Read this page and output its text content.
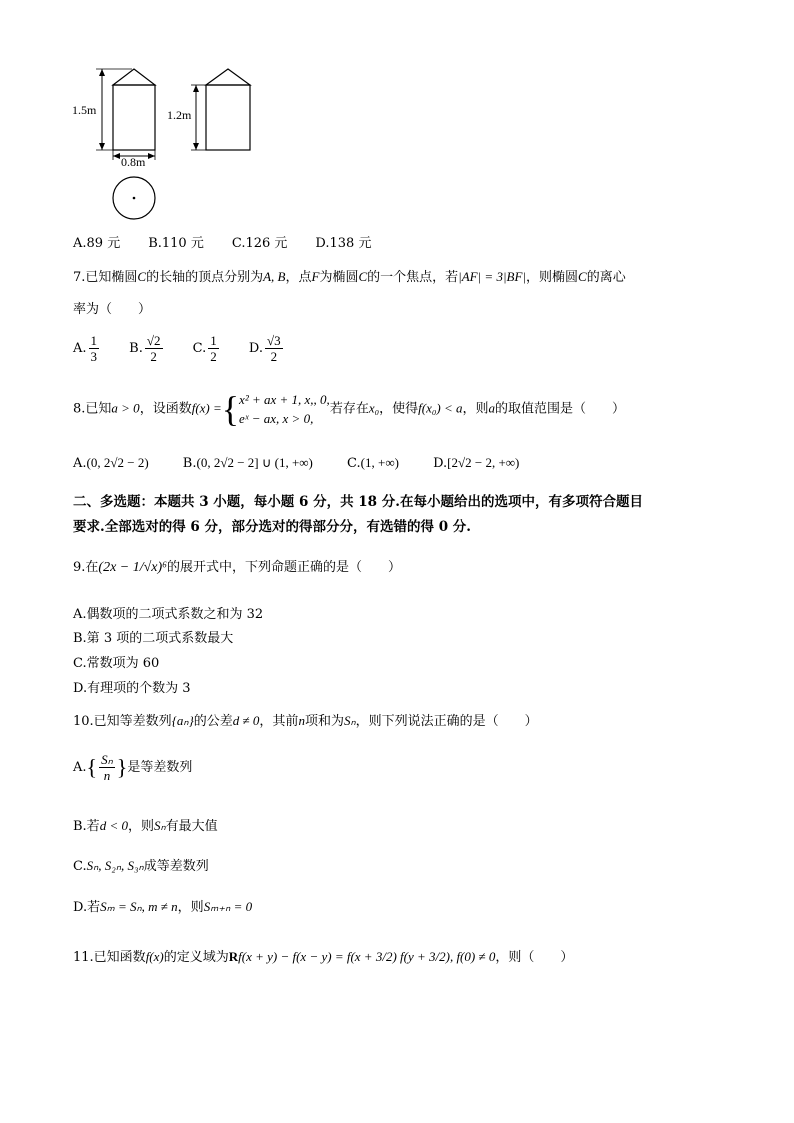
1.5m	1.2m
0.8m
A.89 元 B.110 元 C.126 元 D.138 元
7.已知椭圆C的长轴的顶点分别为A, B，点F为椭圆C的一个焦点，若|AF| = 3|BF|，则椭圆C的离心
率为（　　）
A. $\frac{1}{3} B$. $\frac{√2}{2} C$. $\frac{1}{2} D$. $\frac{√3}{2}$
8.已知a > 0，设函数f(x) ={ x² + ax + 1, x,, 0,
eˣ − ax, x > 0,
若存在x₀，使得f(x₀) < a，则a的取值范围是（　　）
A.(0, 2√2 − 2)	B.(0, 2√2 − 2] ∪ (1, +∞)	C.(1, +∞)	D.[2√2 − 2, +∞)
二、多选题：本题共 3 小题，每小题 6 分，共 18 分.在每小题给出的选项中，有多项符合题目
要求.全部选对的得 6 分，部分选对的得部分分，有选错的得 0 分.
9.在(2x − 1/√x)⁶的展开式中，下列命题正确的是（　　）
A.偶数项的二项式系数之和为 32
B.第 3 项的二项式系数最大
C.常数项为 60
D.有理项的个数为 3
10.已知等差数列{aₙ}的公差d ≠ 0，其前n项和为Sₙ，则下列说法正确的是（　　）
$A.\{ \frac{\text{Sₙ}}{n}$ }是等差数列
B.若d < 0，则Sₙ有最大值
C.Sₙ, S₂ₙ, S₃ₙ成等差数列
D.若Sₘ = Sₙ, m ≠ n，则Sₘ₊ₙ = 0
11.已知函数f(x)的定义域为Rf(x + y) − f(x − y) = f(x + 3/2) f(y + 3/2), f(0) ≠ 0，则（　　）
